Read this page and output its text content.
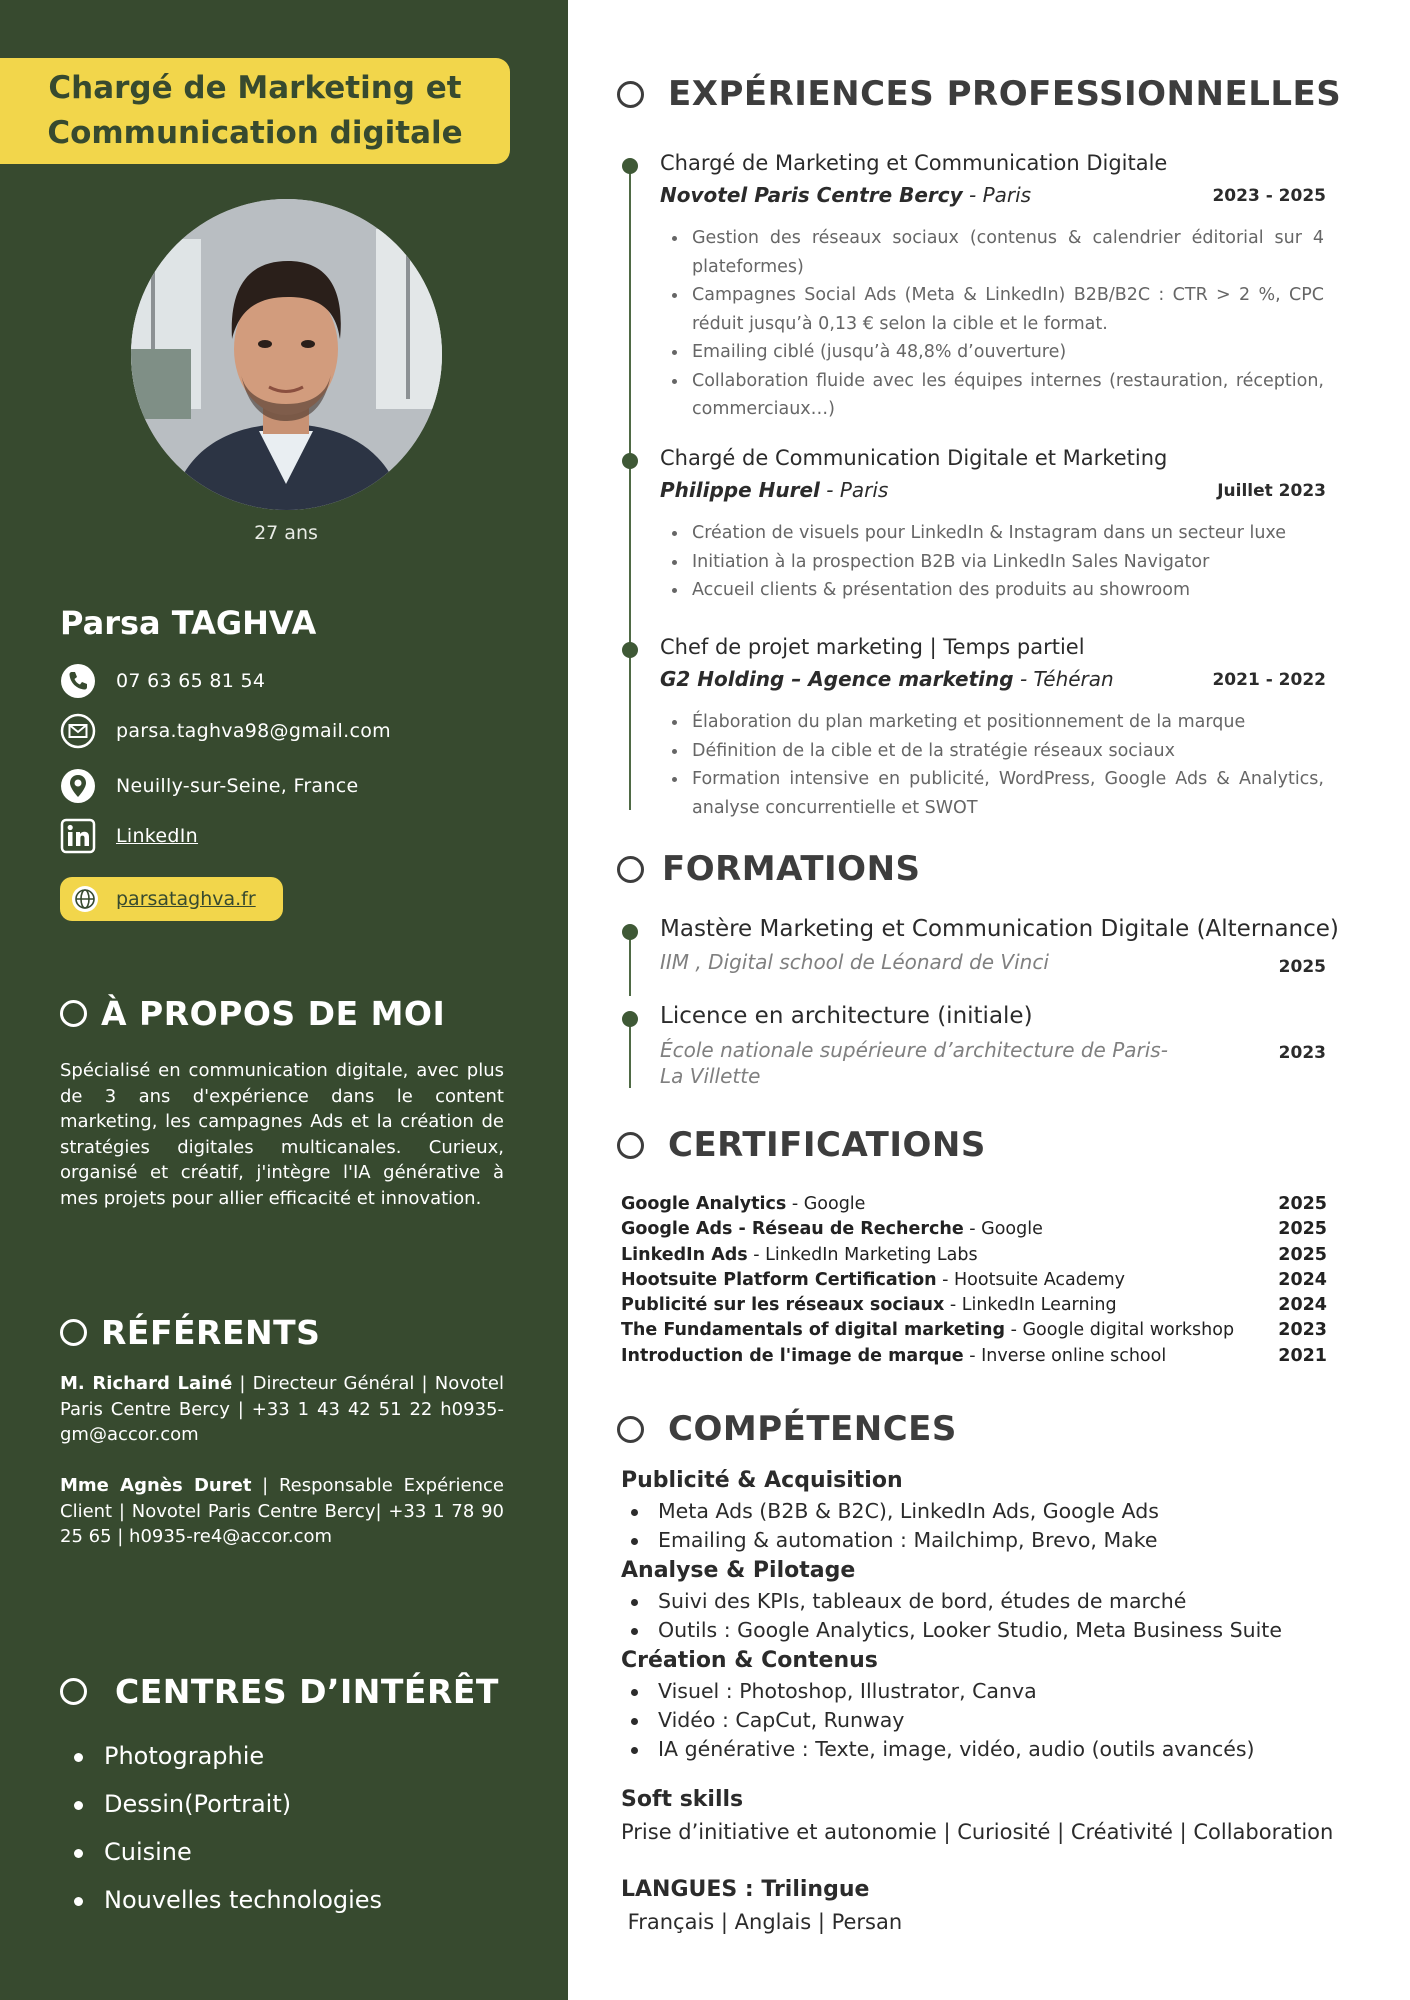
Chargé de Marketing et
Communication digitale
27 ans
Parsa TAGHVA
07 63 65 81 54
parsa.taghva98@gmail.com
Neuilly-sur-Seine, France
LinkedIn
parsataghva.fr
À PROPOS DE MOI
Spécialisé en communication digitale, avec plus de 3 ans d'expérience dans le content marketing, les campagnes Ads et la création de stratégies digitales multicanales. Curieux, organisé et créatif, j'intègre l'IA générative à mes projets pour allier efficacité et innovation.
RÉFÉRENTS
M. Richard Lainé | Directeur Général | Novotel Paris Centre Bercy | +33 1 43 42 51 22 h0935-gm@accor.com
Mme Agnès Duret | Responsable Expérience Client | Novotel Paris Centre Bercy| +33 1 78 90 25 65 | h0935-re4@accor.com
CENTRES D’INTÉRÊT
Photographie
Dessin(Portrait)
Cuisine
Nouvelles technologies
EXPÉRIENCES PROFESSIONNELLES
Chargé de Marketing et Communication Digitale
Novotel Paris Centre Bercy - Paris	2023 - 2025
Gestion des réseaux sociaux (contenus & calendrier éditorial sur 4 plateformes)
Campagnes Social Ads (Meta & LinkedIn) B2B/B2C : CTR > 2 %, CPC réduit jusqu’à 0,13 € selon la cible et le format.
Emailing ciblé (jusqu’à 48,8% d’ouverture)
Collaboration fluide avec les équipes internes (restauration, réception, commerciaux…)
Chargé de Communication Digitale et Marketing
Philippe Hurel - Paris	Juillet 2023
Création de visuels pour LinkedIn & Instagram dans un secteur luxe
Initiation à la prospection B2B via LinkedIn Sales Navigator
Accueil clients & présentation des produits au showroom
Chef de projet marketing | Temps partiel
G2 Holding – Agence marketing - Téhéran	2021 - 2022
Élaboration du plan marketing et positionnement de la marque
Définition de la cible et de la stratégie réseaux sociaux
Formation intensive en publicité, WordPress, Google Ads & Analytics, analyse concurrentielle et SWOT
FORMATIONS
Mastère Marketing et Communication Digitale (Alternance)
IIM , Digital school de Léonard de Vinci	2025
Licence en architecture (initiale)
École nationale supérieure d’architecture de Paris-La Villette
2023
CERTIFICATIONS
Google Analytics - Google	2025
Google Ads - Réseau de Recherche - Google	2025
LinkedIn Ads - LinkedIn Marketing Labs	2025
Hootsuite Platform Certification - Hootsuite Academy	2024
Publicité sur les réseaux sociaux - LinkedIn Learning	2024
The Fundamentals of digital marketing - Google digital workshop	2023
Introduction de l'image de marque - Inverse online school	2021
COMPÉTENCES
Publicité & Acquisition
Meta Ads (B2B & B2C), LinkedIn Ads, Google Ads
Emailing & automation : Mailchimp, Brevo, Make
Analyse & Pilotage
Suivi des KPIs, tableaux de bord, études de marché
Outils : Google Analytics, Looker Studio, Meta Business Suite
Création & Contenus
Visuel : Photoshop, Illustrator, Canva
Vidéo : CapCut, Runway
IA générative : Texte, image, vidéo, audio (outils avancés)
Soft skills
Prise d’initiative et autonomie | Curiosité | Créativité | Collaboration
LANGUES : Trilingue
Français | Anglais | Persan
